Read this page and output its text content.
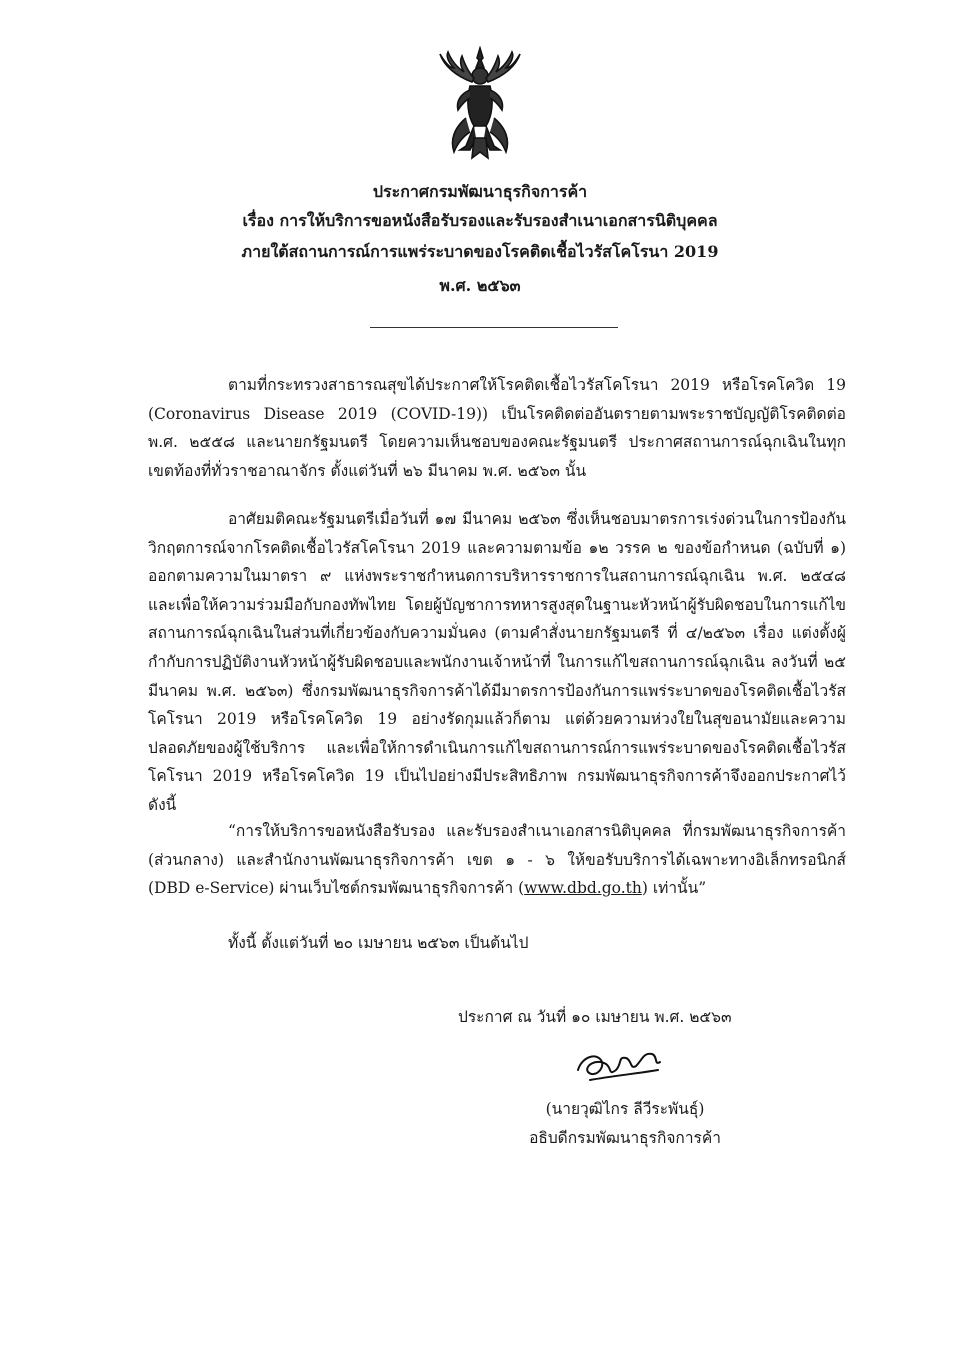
ประกาศกรมพัฒนาธุรกิจการค้า
เรื่อง การให้บริการขอหนังสือรับรองและรับรองสำเนาเอกสารนิติบุคคล
ภายใต้สถานการณ์การแพร่ระบาดของโรคติดเชื้อไวรัสโคโรนา 2019
พ.ศ. ๒๕๖๓
ตามที่กระทรวงสาธารณสุขได้ประกาศให้โรคติดเชื้อไวรัสโคโรนา 2019 หรือโรคโควิด 19 (Coronavirus Disease 2019 (COVID-19)) เป็นโรคติดต่ออันตรายตามพระราชบัญญัติโรคติดต่อ พ.ศ. ๒๕๕๘ และนายกรัฐมนตรี โดยความเห็นชอบของคณะรัฐมนตรี ประกาศสถานการณ์ฉุกเฉินในทุกเขตท้องที่ทั่วราชอาณาจักร ตั้งแต่วันที่ ๒๖ มีนาคม พ.ศ. ๒๕๖๓ นั้น
อาศัยมติคณะรัฐมนตรีเมื่อวันที่ ๑๗ มีนาคม ๒๕๖๓ ซึ่งเห็นชอบมาตรการเร่งด่วนในการป้องกันวิกฤตการณ์จากโรคติดเชื้อไวรัสโคโรนา 2019 และความตามข้อ ๑๒ วรรค ๒ ของข้อกำหนด (ฉบับที่ ๑) ออกตามความในมาตรา ๙ แห่งพระราชกำหนดการบริหารราชการในสถานการณ์ฉุกเฉิน พ.ศ. ๒๕๔๘ และเพื่อให้ความร่วมมือกับกองทัพไทย โดยผู้บัญชาการทหารสูงสุดในฐานะหัวหน้าผู้รับผิดชอบในการแก้ไขสถานการณ์ฉุกเฉินในส่วนที่เกี่ยวข้องกับความมั่นคง (ตามคำสั่งนายกรัฐมนตรี ที่ ๔/๒๕๖๓ เรื่อง แต่งตั้งผู้กำกับการปฏิบัติงานหัวหน้าผู้รับผิดชอบและพนักงานเจ้าหน้าที่ ในการแก้ไขสถานการณ์ฉุกเฉิน ลงวันที่ ๒๕ มีนาคม พ.ศ. ๒๕๖๓) ซึ่งกรมพัฒนาธุรกิจการค้าได้มีมาตรการป้องกันการแพร่ระบาดของโรคติดเชื้อไวรัสโคโรนา 2019 หรือโรคโควิด 19 อย่างรัดกุมแล้วก็ตาม แต่ด้วยความห่วงใยในสุขอนามัยและความปลอดภัยของผู้ใช้บริการ และเพื่อให้การดำเนินการแก้ไขสถานการณ์การแพร่ระบาดของโรคติดเชื้อไวรัสโคโรนา 2019 หรือโรคโควิด 19 เป็นไปอย่างมีประสิทธิภาพ กรมพัฒนาธุรกิจการค้าจึงออกประกาศไว้ ดังนี้
“การให้บริการขอหนังสือรับรอง และรับรองสำเนาเอกสารนิติบุคคล ที่กรมพัฒนาธุรกิจการค้า (ส่วนกลาง) และสำนักงานพัฒนาธุรกิจการค้า เขต ๑ - ๖ ให้ขอรับบริการได้เฉพาะทางอิเล็กทรอนิกส์ (DBD e-Service) ผ่านเว็บไซต์กรมพัฒนาธุรกิจการค้า (www.dbd.go.th) เท่านั้น”
ทั้งนี้ ตั้งแต่วันที่ ๒๐ เมษายน ๒๕๖๓ เป็นต้นไป
ประกาศ ณ วันที่ ๑๐ เมษายน พ.ศ. ๒๕๖๓
(นายวุฒิไกร ลีวีระพันธุ์)
อธิบดีกรมพัฒนาธุรกิจการค้า
